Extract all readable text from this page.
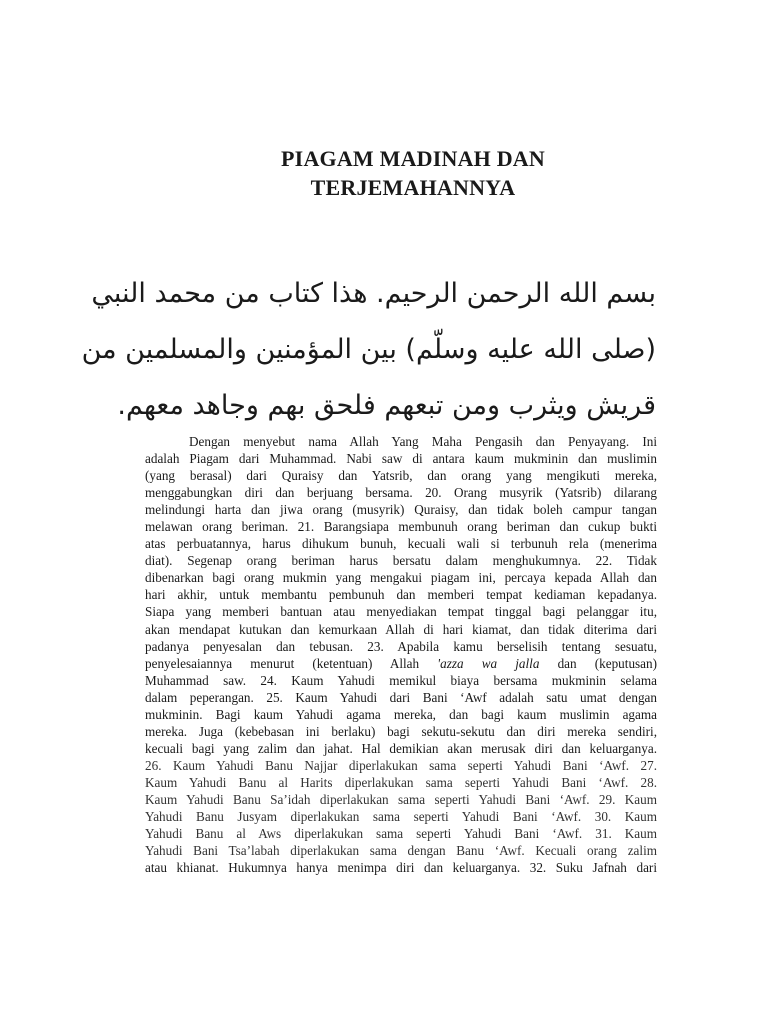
PIAGAM MADINAH DAN
TERJEMAHANNYA
بسم الله الرحمن الرحيم. هذا كتاب من محمد النبي
(صلى الله عليه وسلّم) بين المؤمنين والمسلمين من
قريش ويثرب ومن تبعهم فلحق بهم وجاهد معهم.
Dengan menyebut nama Allah Yang Maha Pengasih dan Penyayang. Ini
adalah Piagam dari Muhammad. Nabi saw di antara kaum mukminin dan muslimin
(yang berasal) dari Quraisy dan Yatsrib, dan orang yang mengikuti mereka,
menggabungkan diri dan berjuang bersama. 20. Orang musyrik (Yatsrib) dilarang
melindungi harta dan jiwa orang (musyrik) Quraisy, dan tidak boleh campur tangan
melawan orang beriman. 21. Barangsiapa membunuh orang beriman dan cukup bukti
atas perbuatannya, harus dihukum bunuh, kecuali wali si terbunuh rela (menerima
diat). Segenap orang beriman harus bersatu dalam menghukumnya. 22. Tidak
dibenarkan bagi orang mukmin yang mengakui piagam ini, percaya kepada Allah dan
hari akhir, untuk membantu pembunuh dan memberi tempat kediaman kepadanya.
Siapa yang memberi bantuan atau menyediakan tempat tinggal bagi pelanggar itu,
akan mendapat kutukan dan kemurkaan Allah di hari kiamat, dan tidak diterima dari
padanya penyesalan dan tebusan. 23. Apabila kamu berselisih tentang sesuatu,
penyelesaiannya menurut (ketentuan) Allah 'azza wa jalla dan (keputusan)
Muhammad saw. 24. Kaum Yahudi memikul biaya bersama mukminin selama
dalam peperangan. 25. Kaum Yahudi dari Bani ‘Awf adalah satu umat dengan
mukminin. Bagi kaum Yahudi agama mereka, dan bagi kaum muslimin agama
mereka. Juga (kebebasan ini berlaku) bagi sekutu-sekutu dan diri mereka sendiri,
kecuali bagi yang zalim dan jahat. Hal demikian akan merusak diri dan keluarganya.
26. Kaum Yahudi Banu Najjar diperlakukan sama seperti Yahudi Bani ‘Awf. 27.
Kaum Yahudi Banu al Harits diperlakukan sama seperti Yahudi Bani ‘Awf. 28.
Kaum Yahudi Banu Sa’idah diperlakukan sama seperti Yahudi Bani ‘Awf. 29. Kaum
Yahudi Banu Jusyam diperlakukan sama seperti Yahudi Bani ‘Awf. 30. Kaum
Yahudi Banu al Aws diperlakukan sama seperti Yahudi Bani ‘Awf. 31. Kaum
Yahudi Bani Tsa’labah diperlakukan sama dengan Banu ‘Awf. Kecuali orang zalim
atau khianat. Hukumnya hanya menimpa diri dan keluarganya. 32. Suku Jafnah dari
